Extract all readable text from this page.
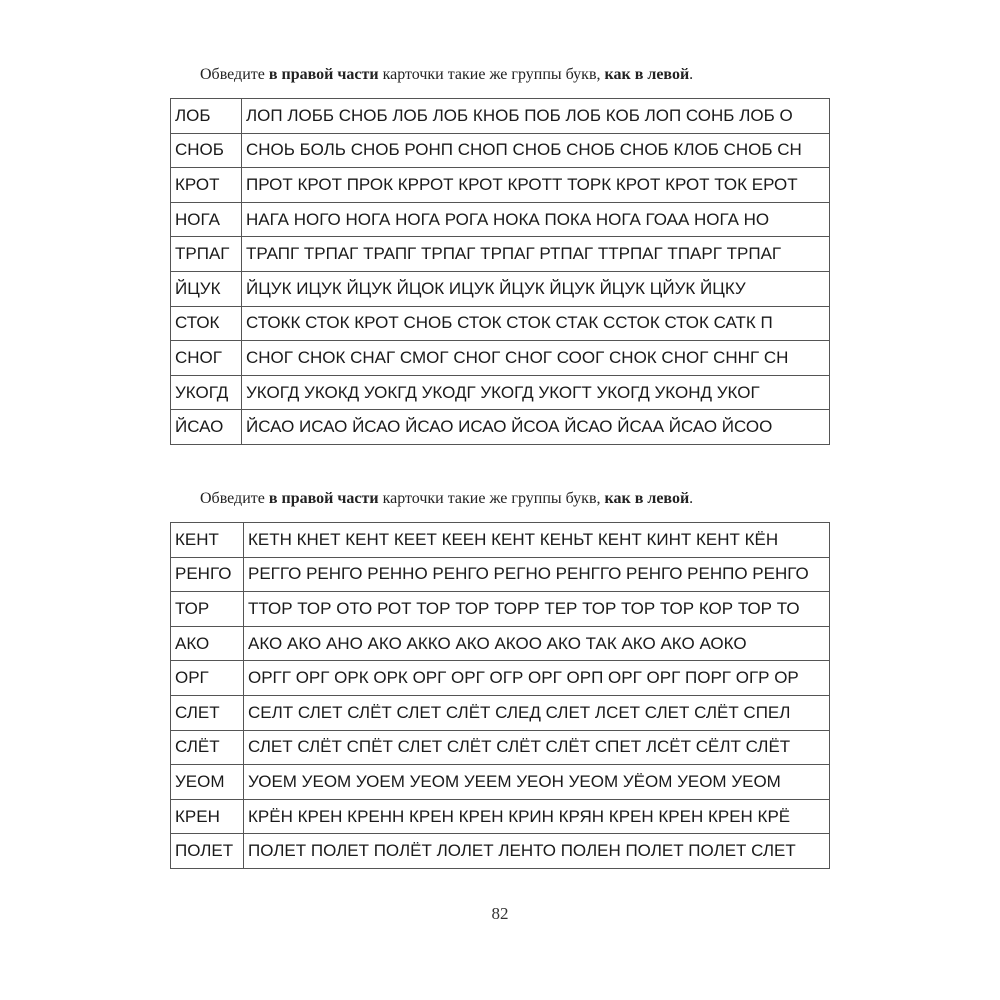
Обведите в правой части карточки такие же группы букв, как в левой.
ЛОБ	ЛОП ЛОББ СНОБ ЛОБ ЛОБ КНОБ ПОБ ЛОБ КОБ ЛОП СОНБ ЛОБ О
СНОБ	СНОЬ БОЛЬ СНОБ РОНП СНОП СНОБ СНОБ СНОБ КЛОБ СНОБ СН
КРОТ	ПРОТ КРОТ ПРОК КРРОТ КРОТ КРОТТ ТОРК КРОТ КРОТ ТОК ЕРОТ
НОГА	НАГА НОГО НОГА НОГА РОГА НОКА ПОКА НОГА ГОАА НОГА НО
ТРПАГ	ТРАПГ ТРПАГ ТРАПГ ТРПАГ ТРПАГ РТПАГ ТТРПАГ ТПАРГ ТРПАГ
ЙЦУК	ЙЦУК ИЦУК ЙЦУК ЙЦОК ИЦУК ЙЦУК ЙЦУК ЙЦУК ЦЙУК ЙЦКУ
СТОК	СТОКК СТОК КРОТ СНОБ СТОК СТОК СТАК ССТОК СТОК САТК П
СНОГ	СНОГ СНОК СНАГ СМОГ СНОГ СНОГ СООГ СНОК СНОГ СННГ СН
УКОГД	УКОГД УКОКД УОКГД УКОДГ УКОГД УКОГТ УКОГД УКОНД УКОГ
ЙСАО	ЙСАО ИСАО ЙСАО ЙСАО ИСАО ЙСОА ЙСАО ЙСАА ЙСАО ЙСОО
Обведите в правой части карточки такие же группы букв, как в левой.
КЕНТ	КЕТН КНЕТ КЕНТ КЕЕТ КЕЕН КЕНТ КЕНЬТ КЕНТ КИНТ КЕНТ КЁН
РЕНГО	РЕГГО РЕНГО РЕННО РЕНГО РЕГНО РЕНГГО РЕНГО РЕНПО РЕНГО
ТОР	ТТОР ТОР ОТО РОТ ТОР ТОР ТОРР ТЕР ТОР ТОР ТОР КОР ТОР ТО
АКО	АКО АКО АНО АКО АККО АКО АКОО АКО ТАК АКО АКО АОКО
ОРГ	ОРГГ ОРГ ОРК ОРК ОРГ ОРГ ОГР ОРГ ОРП ОРГ ОРГ ПОРГ ОГР ОР
СЛЕТ	СЕЛТ СЛЕТ СЛЁТ СЛЕТ СЛЁТ СЛЕД СЛЕТ ЛСЕТ СЛЕТ СЛЁТ СПЕЛ
СЛЁТ	СЛЕТ СЛЁТ СПЁТ СЛЕТ СЛЁТ СЛЁТ СЛЁТ СПЕТ ЛСЁТ СЁЛТ СЛЁТ
УЕОМ	УОЕМ УЕОМ УОЕМ УЕОМ УЕЕМ УЕОН УЕОМ УЁОМ УЕОМ УЕОМ
КРЕН	КРЁН КРЕН КРЕНН КРЕН КРЕН КРИН КРЯН КРЕН КРЕН КРЕН КРЁ
ПОЛЕТ	ПОЛЕТ ПОЛЕТ ПОЛЁТ ЛОЛЕТ ЛЕНТО ПОЛЕН ПОЛЕТ ПОЛЕТ СЛЕТ
82
